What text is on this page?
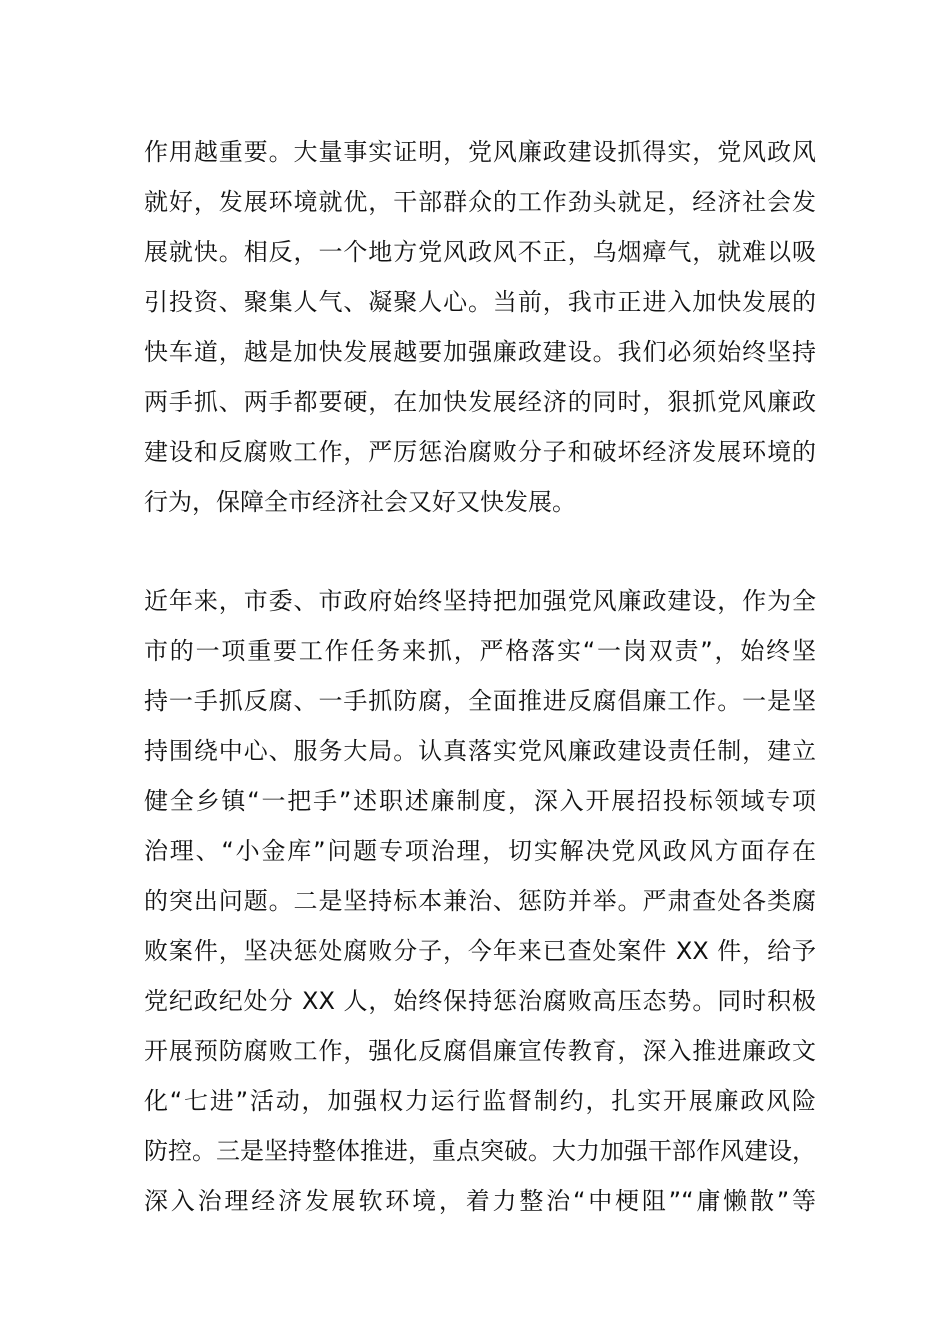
作用越重要。大量事实证明，党风廉政建设抓得实，党风政风
就好，发展环境就优，干部群众的工作劲头就足，经济社会发
展就快。相反，一个地方党风政风不正，乌烟瘴气，就难以吸
引投资、聚集人气、凝聚人心。当前，我市正进入加快发展的
快车道，越是加快发展越要加强廉政建设。我们必须始终坚持
两手抓、两手都要硬，在加快发展经济的同时，狠抓党风廉政
建设和反腐败工作，严厉惩治腐败分子和破坏经济发展环境的
行为，保障全市经济社会又好又快发展。
近年来，市委、市政府始终坚持把加强党风廉政建设，作为全
市的一项重要工作任务来抓，严格落实“一岗双责”，始终坚
持一手抓反腐、一手抓防腐，全面推进反腐倡廉工作。一是坚
持围绕中心、服务大局。认真落实党风廉政建设责任制，建立
健全乡镇“一把手”述职述廉制度，深入开展招投标领域专项
治理、“小金库”问题专项治理，切实解决党风政风方面存在
的突出问题。二是坚持标本兼治、惩防并举。严肃查处各类腐
败案件，坚决惩处腐败分子，今年来已查处案件 XX 件，给予
党纪政纪处分 XX 人，始终保持惩治腐败高压态势。同时积极
开展预防腐败工作，强化反腐倡廉宣传教育，深入推进廉政文
化“七进”活动，加强权力运行监督制约，扎实开展廉政风险
防控。三是坚持整体推进，重点突破。大力加强干部作风建设，
深入治理经济发展软环境，着力整治“中梗阻”“庸懒散”等
